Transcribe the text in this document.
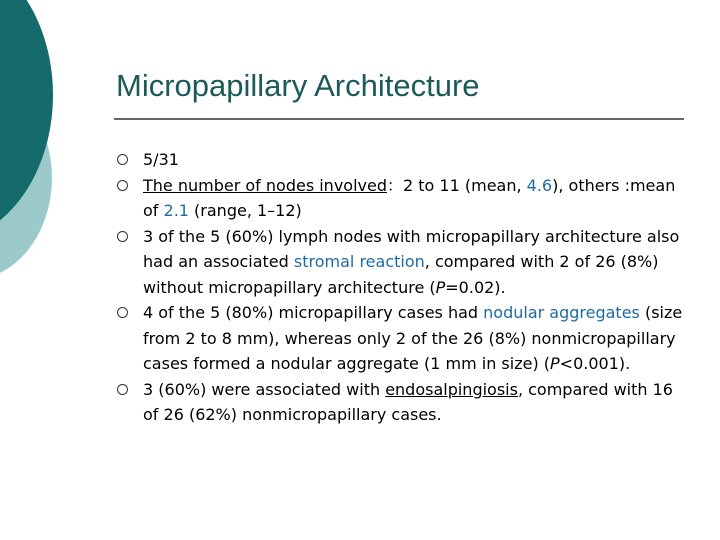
Micropapillary Architecture
5/31
The number of nodes involved：2 to 11 (mean, 4.6), others :mean of 2.1 (range, 1–12)
3 of the 5 (60%) lymph nodes with micropapillary architecture also had an associated stromal reaction, compared with 2 of 26 (8%) without micropapillary architecture (P=0.02).
4 of the 5 (80%) micropapillary cases had nodular aggregates (size from 2 to 8 mm), whereas only 2 of the 26 (8%) nonmicropapillary cases formed a nodular aggregate (1 mm in size) (P<0.001).
3 (60%) were associated with endosalpingiosis, compared with 16 of 26 (62%) nonmicropapillary cases.
